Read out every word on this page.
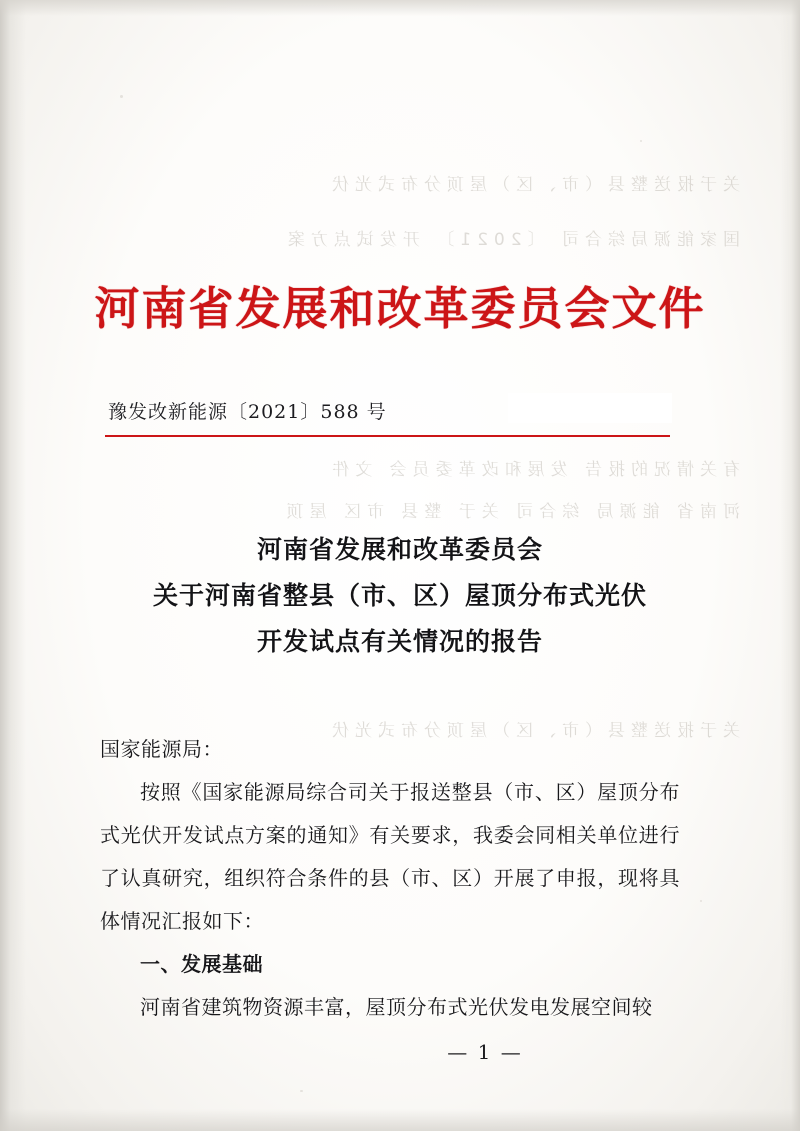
关于报送整县（市、区）屋顶分布式光伏
国家能源局综合司 〔2021〕 开发试点方案
有关情况的报告 发展和改革委员会 文件
河南省 能源局 综合司 关于 整县 市区 屋顶
关于报送整县（市、区）屋顶分布式光伏
河南省发展和改革委员会文件
豫发改新能源〔2021〕588 号
河南省发展和改革委员会
关于河南省整县（市、区）屋顶分布式光伏
开发试点有关情况的报告

国家能源局：

按照《国家能源局综合司关于报送整县（市、区）屋顶分布式光伏开发试点方案的通知》有关要求，我委会同相关单位进行了认真研究，组织符合条件的县（市、区）开展了申报，现将具体情况汇报如下：

一、发展基础

河南省建筑物资源丰富，屋顶分布式光伏发电发展空间较

— 1 —
